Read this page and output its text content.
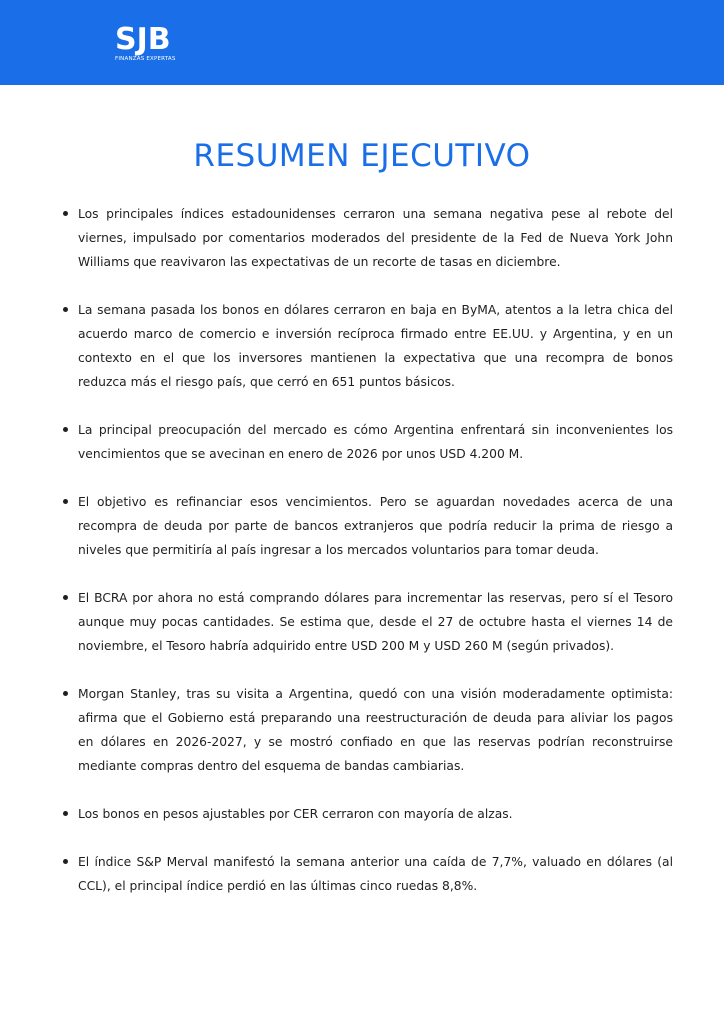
SJB
FINANZAS EXPERTAS
RESUMEN EJECUTIVO
Los principales índices estadounidenses cerraron una semana negativa pese al rebote del viernes, impulsado por comentarios moderados del presidente de la Fed de Nueva York John Williams que reavivaron las expectativas de un recorte de tasas en diciembre.
La semana pasada los bonos en dólares cerraron en baja en ByMA, atentos a la letra chica del acuerdo marco de comercio e inversión recíproca firmado entre EE.UU. y Argentina, y en un contexto en el que los inversores mantienen la expectativa que una recompra de bonos reduzca más el riesgo país, que cerró en 651 puntos básicos.
La principal preocupación del mercado es cómo Argentina enfrentará sin inconvenientes los vencimientos que se avecinan en enero de 2026 por unos USD 4.200 M.
El objetivo es refinanciar esos vencimientos. Pero se aguardan novedades acerca de una recompra de deuda por parte de bancos extranjeros que podría reducir la prima de riesgo a niveles que permitiría al país ingresar a los mercados voluntarios para tomar deuda.
El BCRA por ahora no está comprando dólares para incrementar las reservas, pero sí el Tesoro aunque muy pocas cantidades. Se estima que, desde el 27 de octubre hasta el viernes 14 de noviembre, el Tesoro habría adquirido entre USD 200 M y USD 260 M (según privados).
Morgan Stanley, tras su visita a Argentina, quedó con una visión moderadamente optimista: afirma que el Gobierno está preparando una reestructuración de deuda para aliviar los pagos en dólares en 2026-2027, y se mostró confiado en que las reservas podrían reconstruirse mediante compras dentro del esquema de bandas cambiarias.
Los bonos en pesos ajustables por CER cerraron con mayoría de alzas.
El índice S&P Merval manifestó la semana anterior una caída de 7,7%, valuado en dólares (al CCL), el principal índice perdió en las últimas cinco ruedas 8,8%.
